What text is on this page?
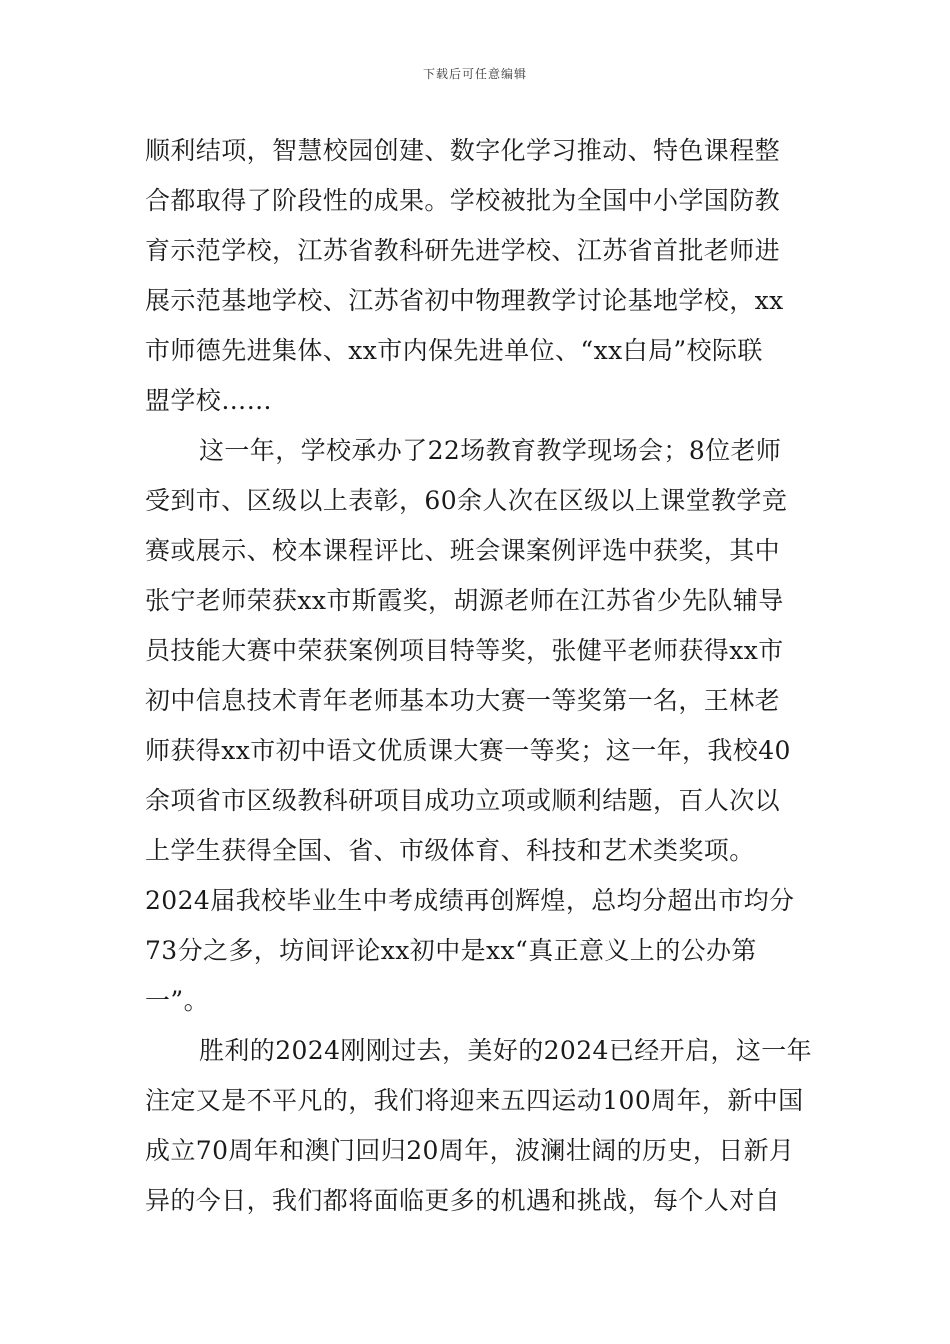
下载后可任意编辑
顺利结项，智慧校园创建、数字化学习推动、特色课程整
合都取得了阶段性的成果。学校被批为全国中小学国防教
育示范学校，江苏省教科研先进学校、江苏省首批老师进
展示范基地学校、江苏省初中物理教学讨论基地学校，xx
市师德先进集体、xx市内保先进单位、“xx白局”校际联
盟学校……
这一年，学校承办了22场教育教学现场会；8位老师
受到市、区级以上表彰，60余人次在区级以上课堂教学竞
赛或展示、校本课程评比、班会课案例评选中获奖，其中
张宁老师荣获xx市斯霞奖，胡源老师在江苏省少先队辅导
员技能大赛中荣获案例项目特等奖，张健平老师获得xx市
初中信息技术青年老师基本功大赛一等奖第一名，王林老
师获得xx市初中语文优质课大赛一等奖；这一年，我校40
余项省市区级教科研项目成功立项或顺利结题，百人次以
上学生获得全国、省、市级体育、科技和艺术类奖项。
2024届我校毕业生中考成绩再创辉煌，总均分超出市均分
73分之多，坊间评论xx初中是xx“真正意义上的公办第
一”。
胜利的2024刚刚过去，美好的2024已经开启，这一年
注定又是不平凡的，我们将迎来五四运动100周年，新中国
成立70周年和澳门回归20周年，波澜壮阔的历史，日新月
异的今日，我们都将面临更多的机遇和挑战，每个人对自
